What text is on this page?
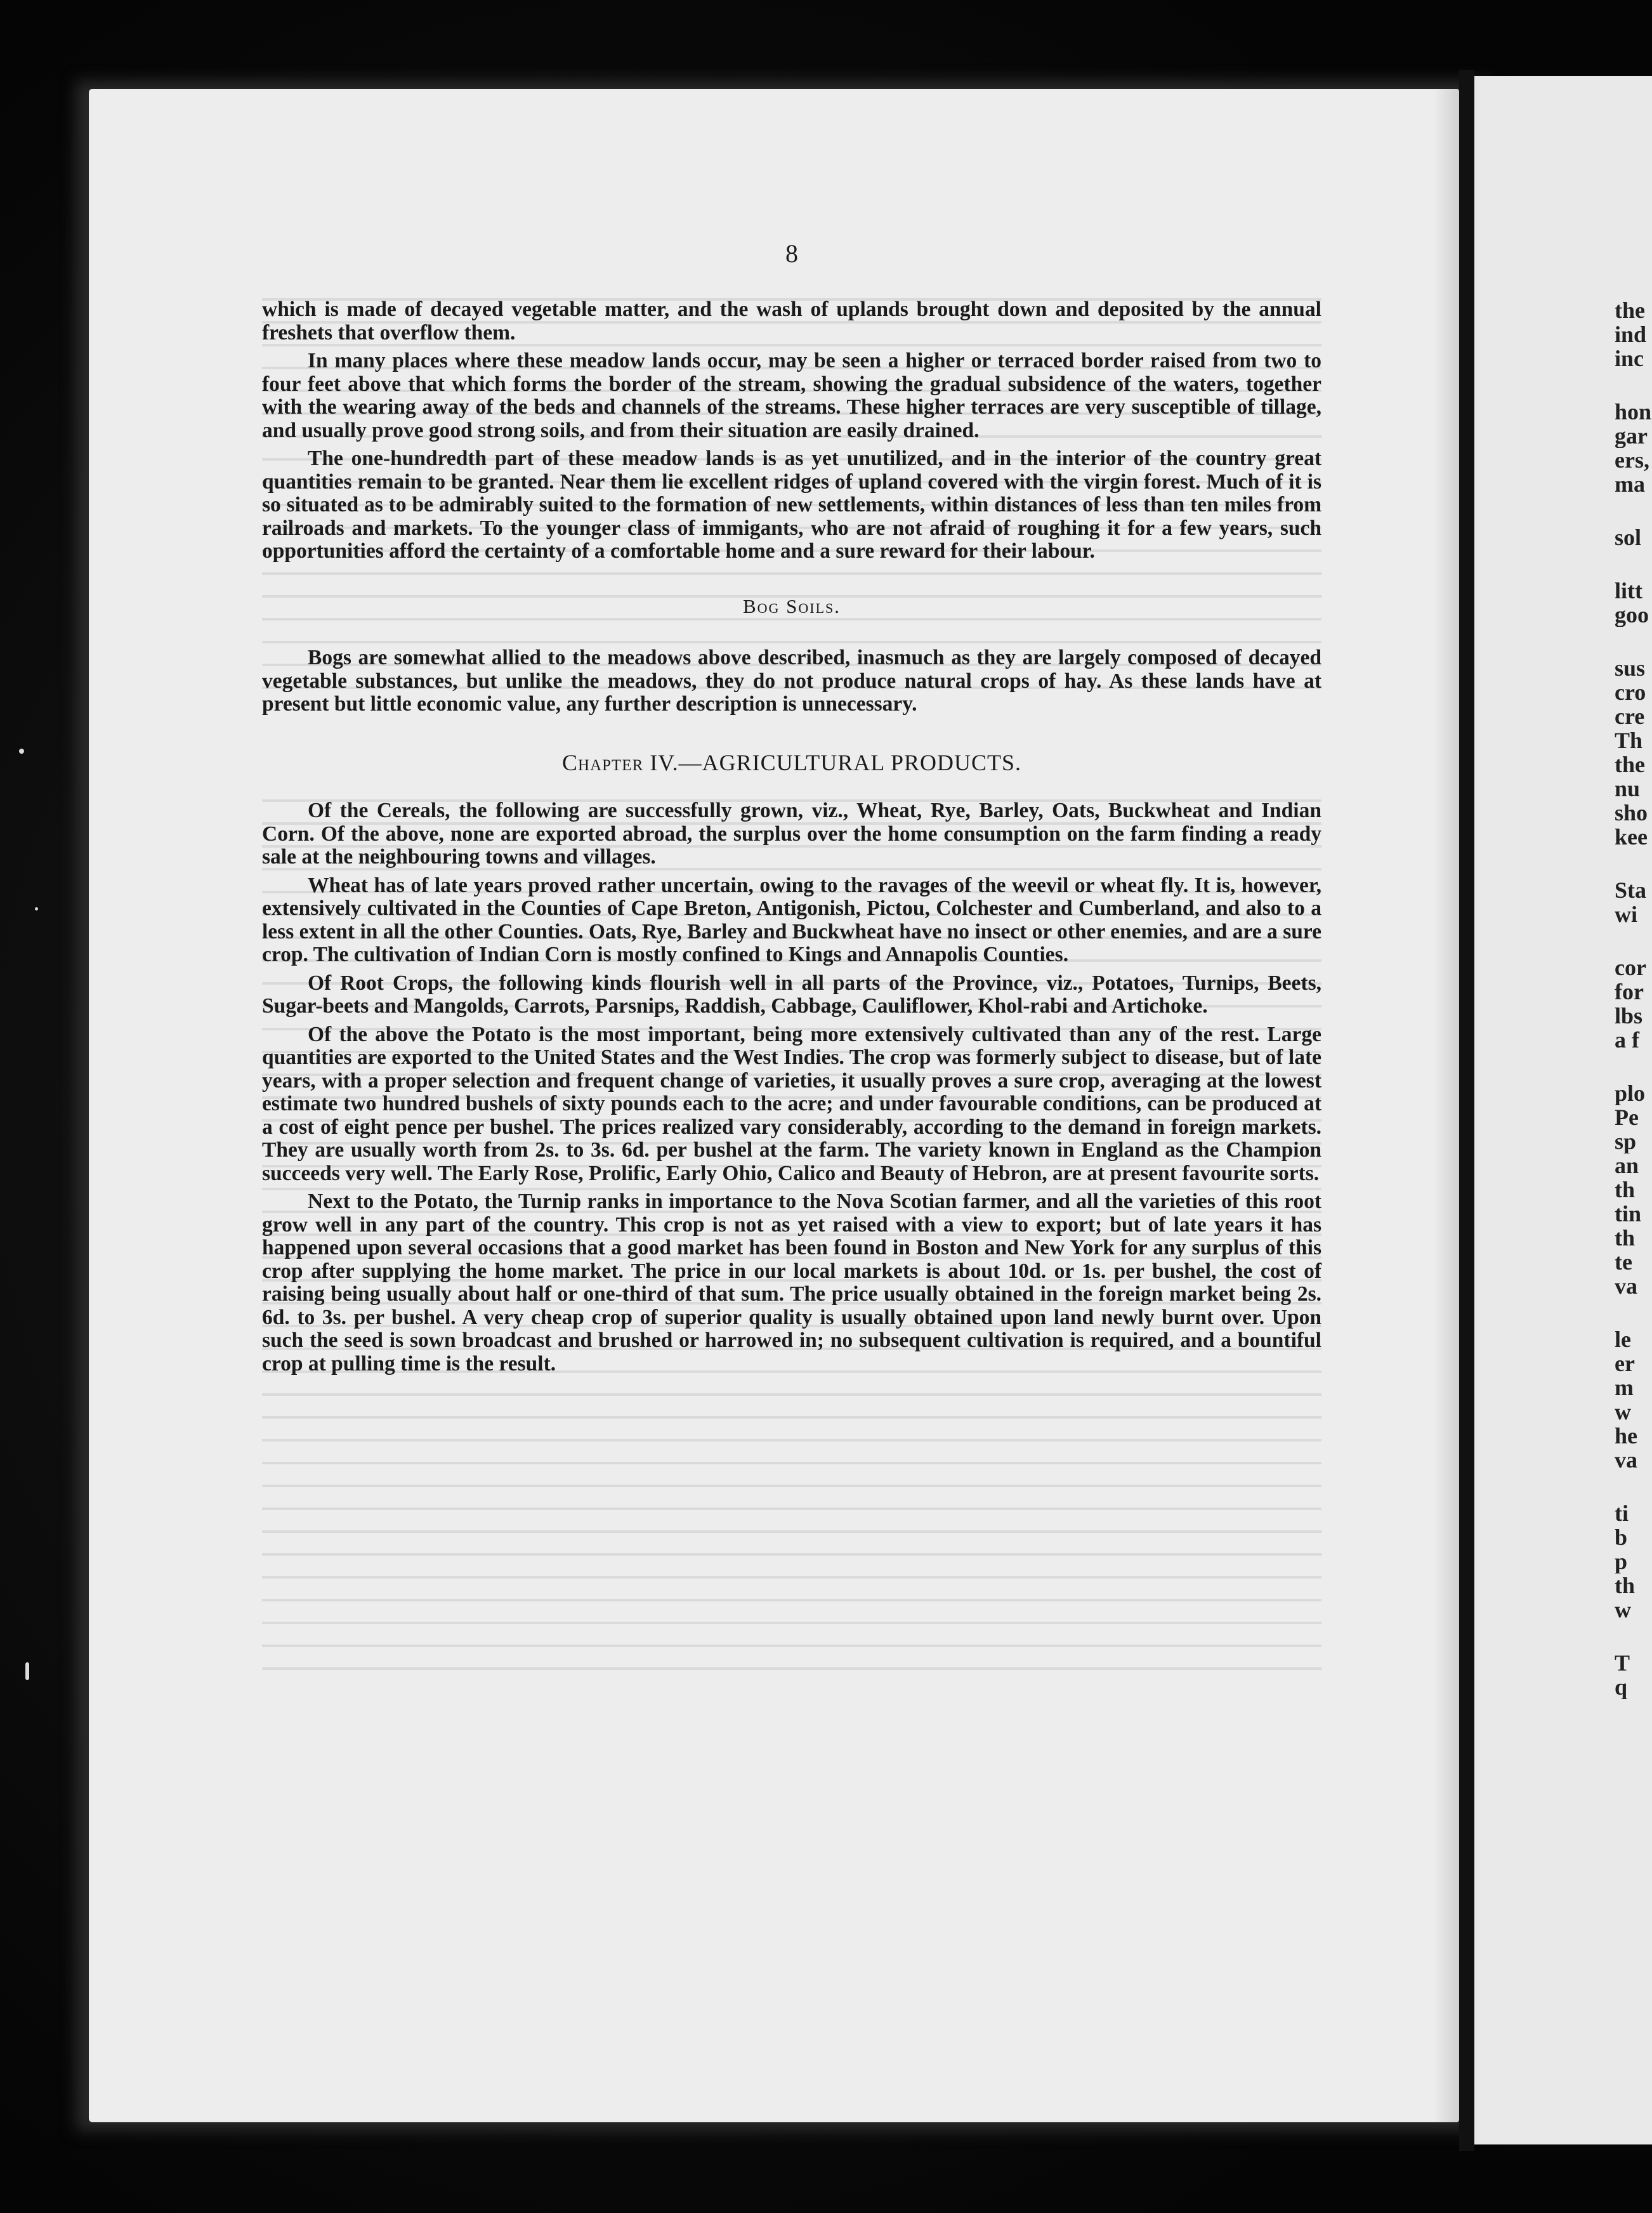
the
ind
inc
hon
gar
ers,
ma
sol
litt
goo
sus
cro
cre
Th
the
nu
sho
kee
Sta
wi
cor
for
lbs
a f
plo
Pe
sp
an
th
tin
th
te
va
le
er
m
w
he
va
ti
b
p
th
w
T
q
8

which is made of decayed vegetable matter, and the wash of uplands brought down and deposited by the annual freshets that overflow them.

In many places where these meadow lands occur, may be seen a higher or terraced border raised from two to four feet above that which forms the border of the stream, showing the gradual subsidence of the waters, together with the wearing away of the beds and channels of the streams. These higher terraces are very susceptible of tillage, and usually prove good strong soils, and from their situation are easily drained.

The one-hundredth part of these meadow lands is as yet unutilized, and in the interior of the country great quantities remain to be granted. Near them lie excellent ridges of upland covered with the virgin forest. Much of it is so situated as to be admirably suited to the formation of new settlements, within distances of less than ten miles from railroads and markets. To the younger class of immigants, who are not afraid of roughing it for a few years, such opportunities afford the certainty of a comfortable home and a sure reward for their labour.

Bog Soils.

Bogs are somewhat allied to the meadows above described, inasmuch as they are largely composed of decayed vegetable substances, but unlike the meadows, they do not produce natural crops of hay. As these lands have at present but little economic value, any further description is unnecessary.

Chapter IV.—AGRICULTURAL PRODUCTS.

Of the Cereals, the following are successfully grown, viz., Wheat, Rye, Barley, Oats, Buckwheat and Indian Corn. Of the above, none are exported abroad, the surplus over the home consumption on the farm finding a ready sale at the neighbouring towns and villages.

Wheat has of late years proved rather uncertain, owing to the ravages of the weevil or wheat fly. It is, however, extensively cultivated in the Counties of Cape Breton, Antigonish, Pictou, Colchester and Cumberland, and also to a less extent in all the other Counties. Oats, Rye, Barley and Buckwheat have no insect or other enemies, and are a sure crop. The cultivation of Indian Corn is mostly confined to Kings and Annapolis Counties.

Of Root Crops, the following kinds flourish well in all parts of the Province, viz., Potatoes, Turnips, Beets, Sugar-beets and Mangolds, Carrots, Parsnips, Raddish, Cabbage, Cauliflower, Khol-rabi and Artichoke.

Of the above the Potato is the most important, being more extensively cultivated than any of the rest. Large quantities are exported to the United States and the West Indies. The crop was formerly subject to disease, but of late years, with a proper selection and frequent change of varieties, it usually proves a sure crop, averaging at the lowest estimate two hundred bushels of sixty pounds each to the acre; and under favourable conditions, can be produced at a cost of eight pence per bushel. The prices realized vary considerably, according to the demand in foreign markets. They are usually worth from 2s. to 3s. 6d. per bushel at the farm. The variety known in England as the Champion succeeds very well. The Early Rose, Prolific, Early Ohio, Calico and Beauty of Hebron, are at present favourite sorts.

Next to the Potato, the Turnip ranks in importance to the Nova Scotian farmer, and all the varieties of this root grow well in any part of the country. This crop is not as yet raised with a view to export; but of late years it has happened upon several occasions that a good market has been found in Boston and New York for any surplus of this crop after supplying the home market. The price in our local markets is about 10d. or 1s. per bushel, the cost of raising being usually about half or one-third of that sum. The price usually obtained in the foreign market being 2s. 6d. to 3s. per bushel. A very cheap crop of superior quality is usually obtained upon land newly burnt over. Upon such the seed is sown broadcast and brushed or harrowed in; no subsequent cultivation is required, and a bountiful crop at pulling time is the result.
